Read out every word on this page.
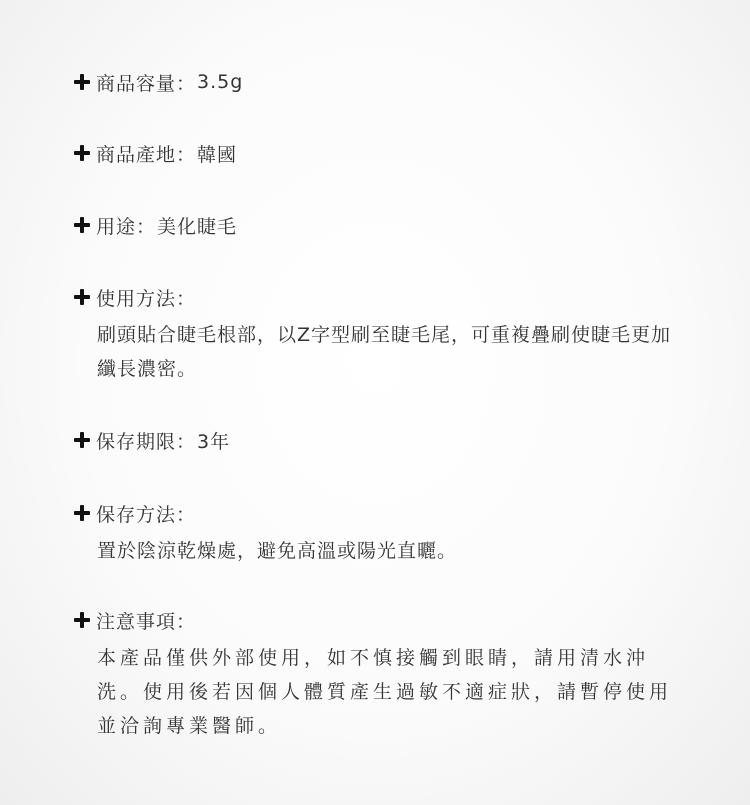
商品容量 ：	3.5g
商品產地 ：	韓國
用途 ：	美化睫毛
使用方法 ：
刷頭貼合睫毛根部，以Z字型刷至睫毛尾，可重複疊刷使睫毛更加纖長濃密。
保存期限 ：	3年
保存方法 ：
置於陰涼乾燥處，避免高溫或陽光直曬。
注意事項 ：
本產品僅供外部使用，如不慎接觸到眼睛，請用清水沖洗。使用後若因個人體質產生過敏不適症狀，請暫停使用並洽詢專業醫師。
